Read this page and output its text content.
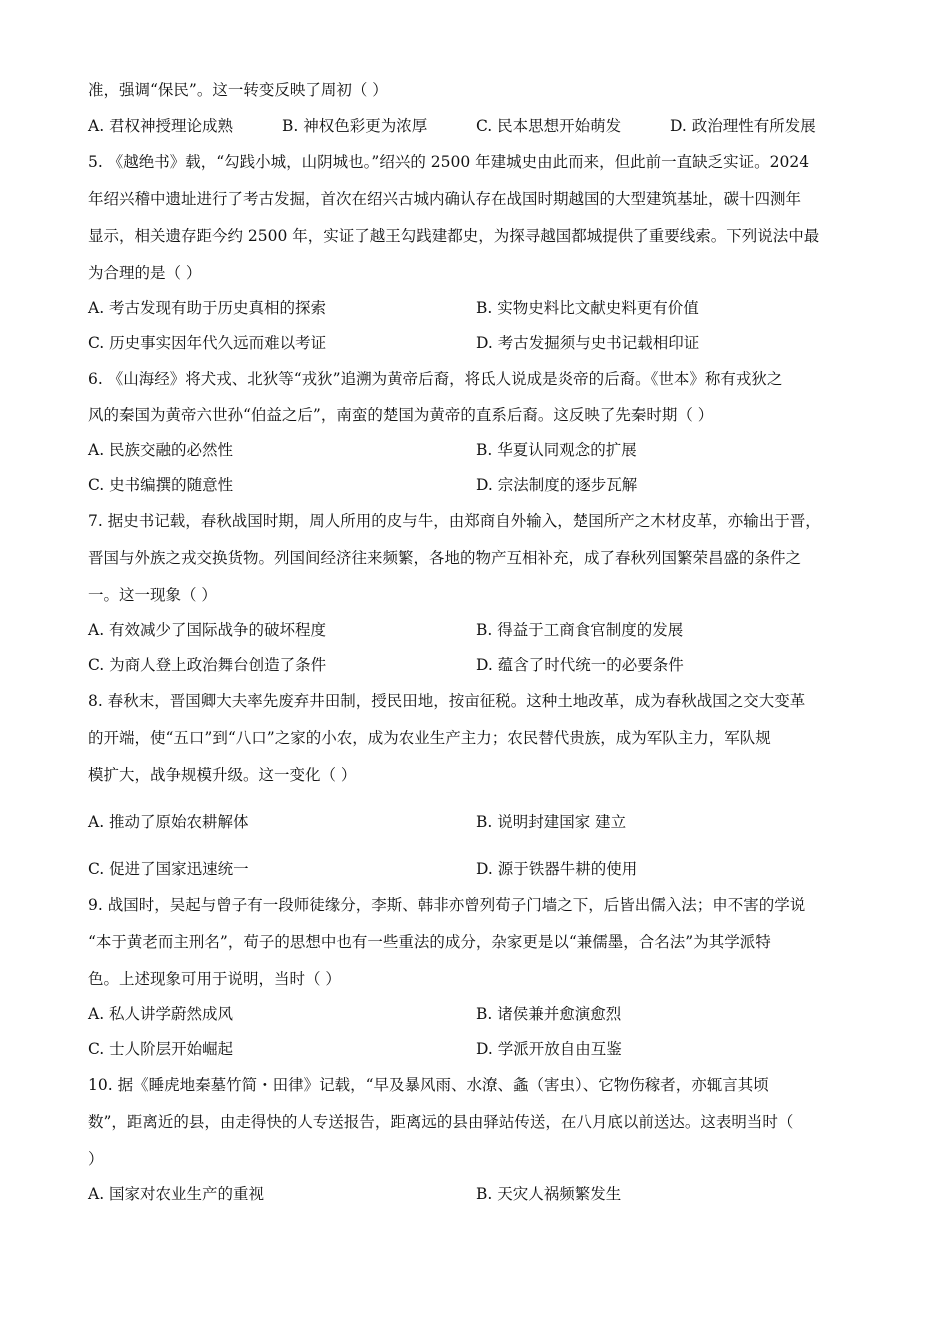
准，强调“保民”。这一转变反映了周初（ ）
A. 君权神授理论成熟	B. 神权色彩更为浓厚	C. 民本思想开始萌发	D. 政治理性有所发展
5. 《越绝书》载，“勾践小城，山阴城也。”绍兴的 2500 年建城史由此而来，但此前一直缺乏实证。2024
年绍兴稽中遗址进行了考古发掘，首次在绍兴古城内确认存在战国时期越国的大型建筑基址，碳十四测年
显示，相关遗存距今约 2500 年，实证了越王勾践建都史，为探寻越国都城提供了重要线索。下列说法中最
为合理的是（ ）
A. 考古发现有助于历史真相的探索	B. 实物史料比文献史料更有价值
C. 历史事实因年代久远而难以考证	D. 考古发掘须与史书记载相印证
6. 《山海经》将犬戎、北狄等“戎狄”追溯为黄帝后裔，将氐人说成是炎帝的后裔。《世本》称有戎狄之
风的秦国为黄帝六世孙“伯益之后”，南蛮的楚国为黄帝的直系后裔。这反映了先秦时期（ ）
A. 民族交融的必然性	B. 华夏认同观念的扩展
C. 史书编撰的随意性	D. 宗法制度的逐步瓦解
7. 据史书记载，春秋战国时期，周人所用的皮与牛，由郑商自外输入，楚国所产之木材皮革，亦输出于晋，
晋国与外族之戎交换货物。列国间经济往来频繁，各地的物产互相补充，成了春秋列国繁荣昌盛的条件之
一。这一现象（ ）
A. 有效减少了国际战争的破坏程度	B. 得益于工商食官制度的发展
C. 为商人登上政治舞台创造了条件	D. 蕴含了时代统一的必要条件
8. 春秋末，晋国卿大夫率先废弃井田制，授民田地，按亩征税。这种土地改革，成为春秋战国之交大变革
的开端，使“五口”到“八口”之家的小农，成为农业生产主力；农民替代贵族，成为军队主力，军队规
模扩大，战争规模升级。这一变化（ ）
A. 推动了原始农耕解体	B. 说明封建国家 建立
C. 促进了国家迅速统一	D. 源于铁器牛耕的使用
9. 战国时，吴起与曾子有一段师徒缘分，李斯、韩非亦曾列荀子门墙之下，后皆出儒入法；申不害的学说
“本于黄老而主刑名”，荀子的思想中也有一些重法的成分，杂家更是以“兼儒墨，合名法”为其学派特
色。上述现象可用于说明，当时（ ）
A. 私人讲学蔚然成风	B. 诸侯兼并愈演愈烈
C. 士人阶层开始崛起	D. 学派开放自由互鉴
10. 据《睡虎地秦墓竹简・田律》记载，“早及暴风雨、水潦、螽（害虫）、它物伤稼者，亦辄言其顷
数”，距离近的县，由走得快的人专送报告，距离远的县由驿站传送，在八月底以前送达。这表明当时（
）
A. 国家对农业生产的重视	B. 天灾人祸频繁发生
